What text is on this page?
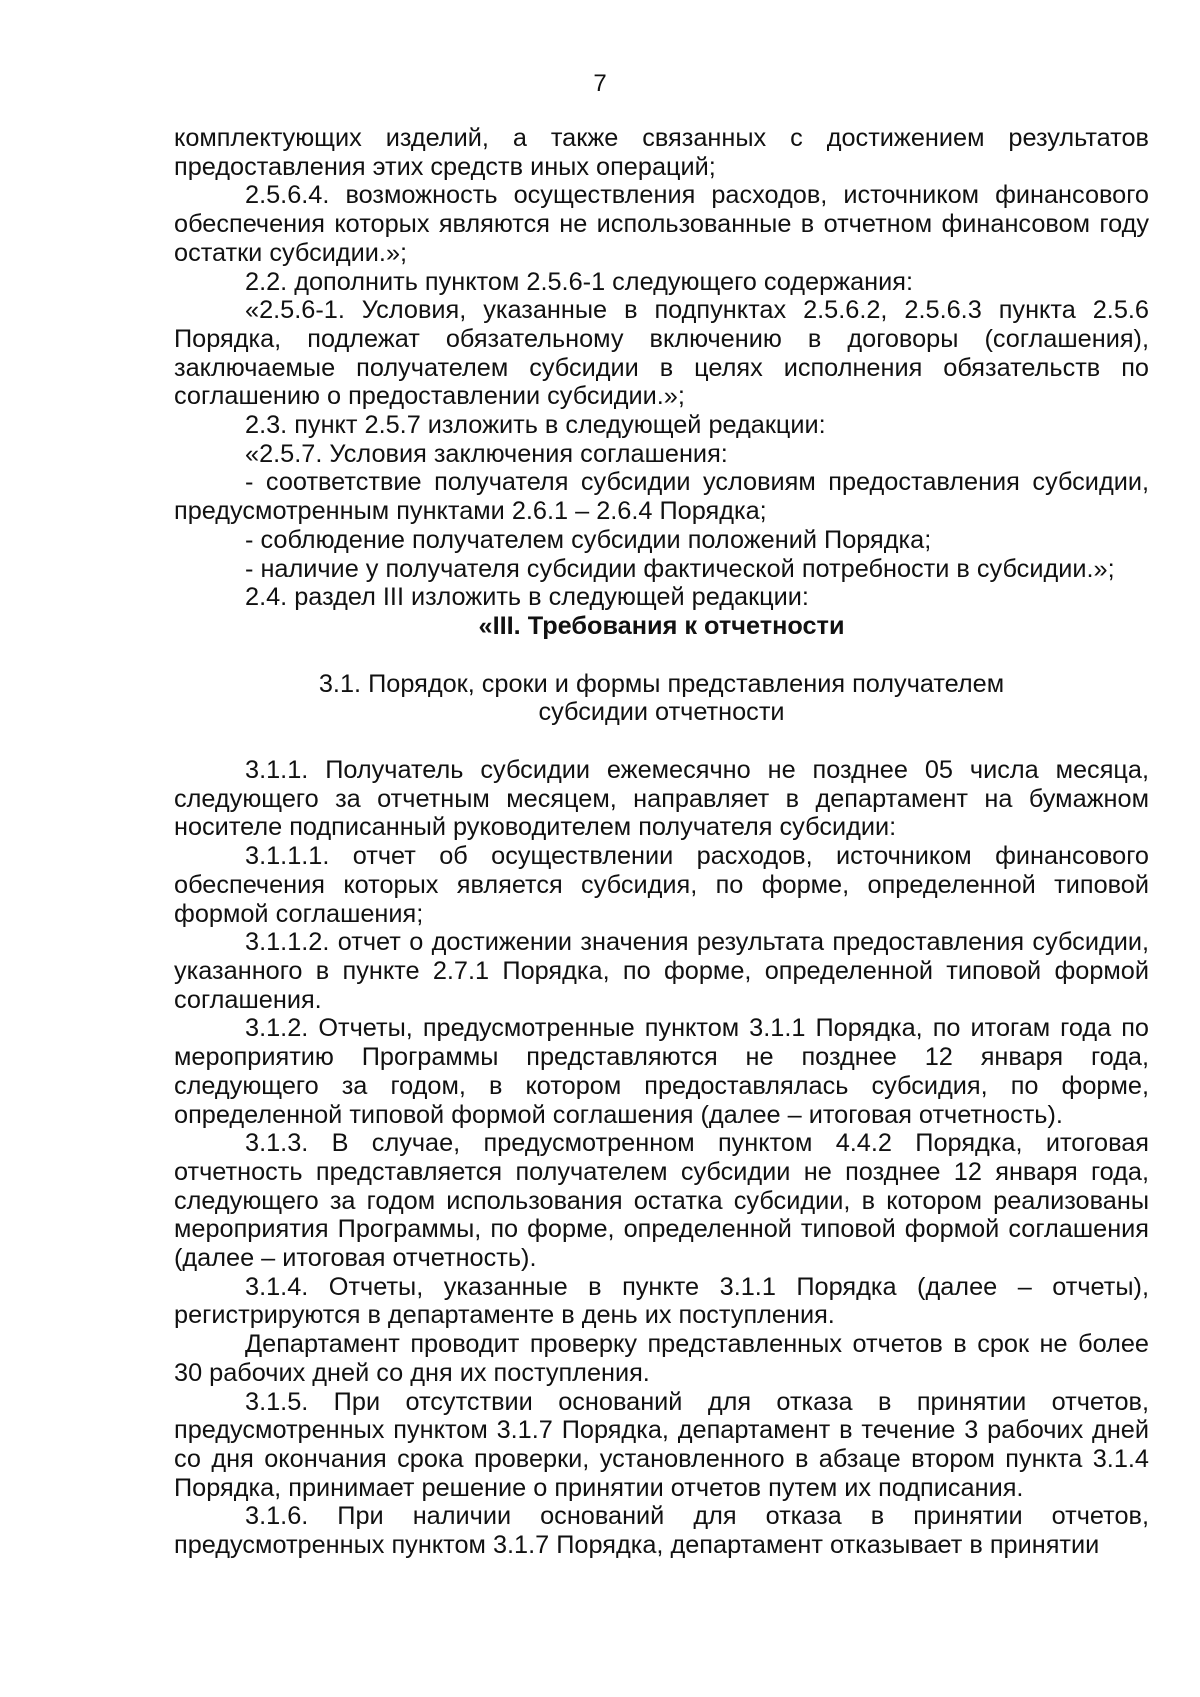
7

комплектующих изделий, а также связанных с достижением результатов предоставления этих средств иных операций;

2.5.6.4. возможность осуществления расходов, источником финансового обеспечения которых являются не использованные в отчетном финансовом году остатки субсидии.»;

2.2. дополнить пунктом 2.5.6-1 следующего содержания:

«2.5.6-1. Условия, указанные в подпунктах 2.5.6.2, 2.5.6.3 пункта 2.5.6 Порядка, подлежат обязательному включению в договоры (соглашения), заключаемые получателем субсидии в целях исполнения обязательств по соглашению о предоставлении субсидии.»;

2.3. пункт 2.5.7 изложить в следующей редакции:

«2.5.7. Условия заключения соглашения:

- соответствие получателя субсидии условиям предоставления субсидии, предусмотренным пунктами 2.6.1 – 2.6.4 Порядка;

- соблюдение получателем субсидии положений Порядка;

- наличие у получателя субсидии фактической потребности в субсидии.»;

2.4. раздел III изложить в следующей редакции:

«III. Требования к отчетности

3.1. Порядок, сроки и формы представления получателем
субсидии отчетности

3.1.1. Получатель субсидии ежемесячно не позднее 05 числа месяца, следующего за отчетным месяцем, направляет в департамент на бумажном носителе подписанный руководителем получателя субсидии:

3.1.1.1. отчет об осуществлении расходов, источником финансового обеспечения которых является субсидия, по форме, определенной типовой формой соглашения;

3.1.1.2. отчет о достижении значения результата предоставления субсидии, указанного в пункте 2.7.1 Порядка, по форме, определенной типовой формой соглашения.

3.1.2. Отчеты, предусмотренные пунктом 3.1.1 Порядка, по итогам года по мероприятию Программы представляются не позднее 12 января года, следующего за годом, в котором предоставлялась субсидия, по форме, определенной типовой формой соглашения (далее – итоговая отчетность).

3.1.3. В случае, предусмотренном пунктом 4.4.2 Порядка, итоговая отчетность представляется получателем субсидии не позднее 12 января года, следующего за годом использования остатка субсидии, в котором реализованы мероприятия Программы, по форме, определенной типовой формой соглашения (далее – итоговая отчетность).

3.1.4. Отчеты, указанные в пункте 3.1.1 Порядка (далее – отчеты), регистрируются в департаменте в день их поступления.

Департамент проводит проверку представленных отчетов в срок не более 30 рабочих дней со дня их поступления.

3.1.5. При отсутствии оснований для отказа в принятии отчетов, предусмотренных пунктом 3.1.7 Порядка, департамент в течение 3 рабочих дней со дня окончания срока проверки, установленного в абзаце втором пункта 3.1.4 Порядка, принимает решение о принятии отчетов путем их подписания.

3.1.6. При наличии оснований для отказа в принятии отчетов, предусмотренных пунктом 3.1.7 Порядка, департамент отказывает в принятии
